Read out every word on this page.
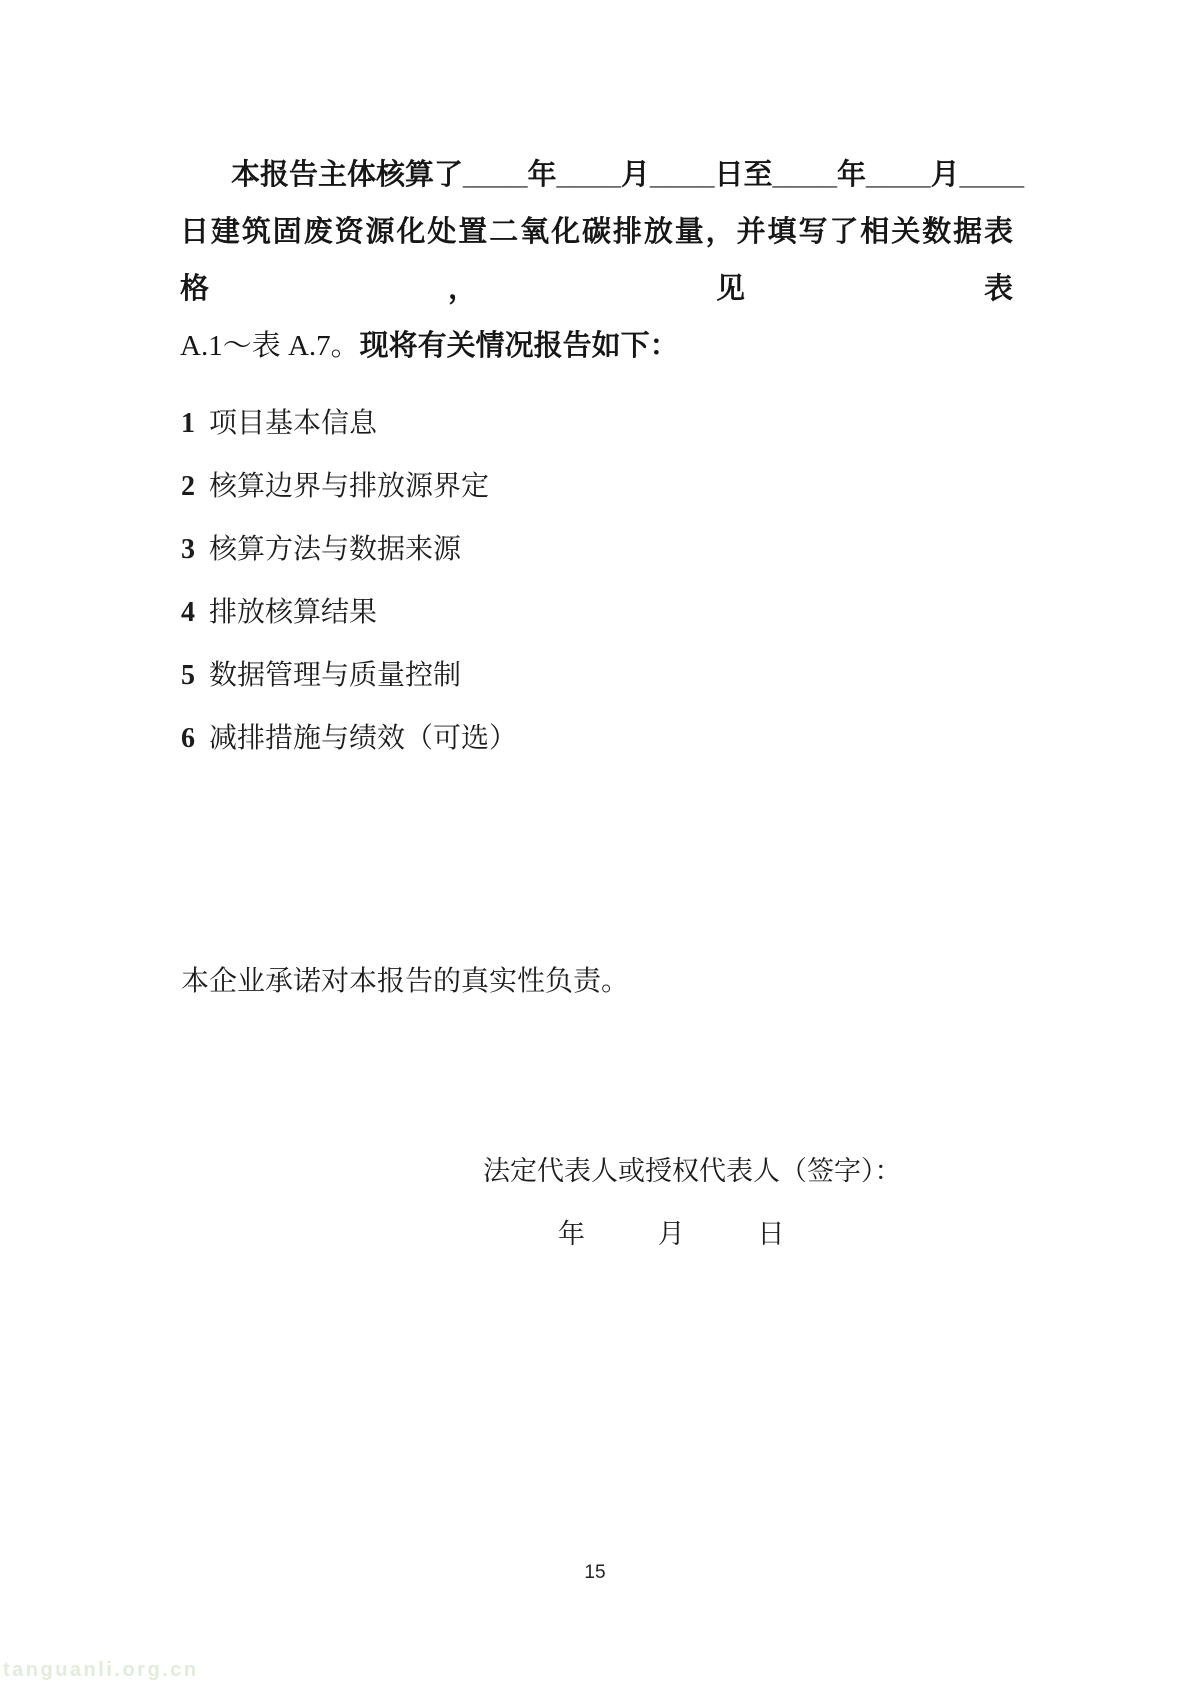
本报告主体核算了____年____月____日至____年____月____
日建筑固废资源化处置二氧化碳排放量，并填写了相关数据表格，见表
A.1～表 A.7。现将有关情况报告如下：
1 项目基本信息
2 核算边界与排放源界定
3 核算方法与数据来源
4 排放核算结果
5 数据管理与质量控制
6 减排措施与绩效（可选）
本企业承诺对本报告的真实性负责。
法定代表人或授权代表人（签字）：
年	月	日
15
tanguanli.org.cn
